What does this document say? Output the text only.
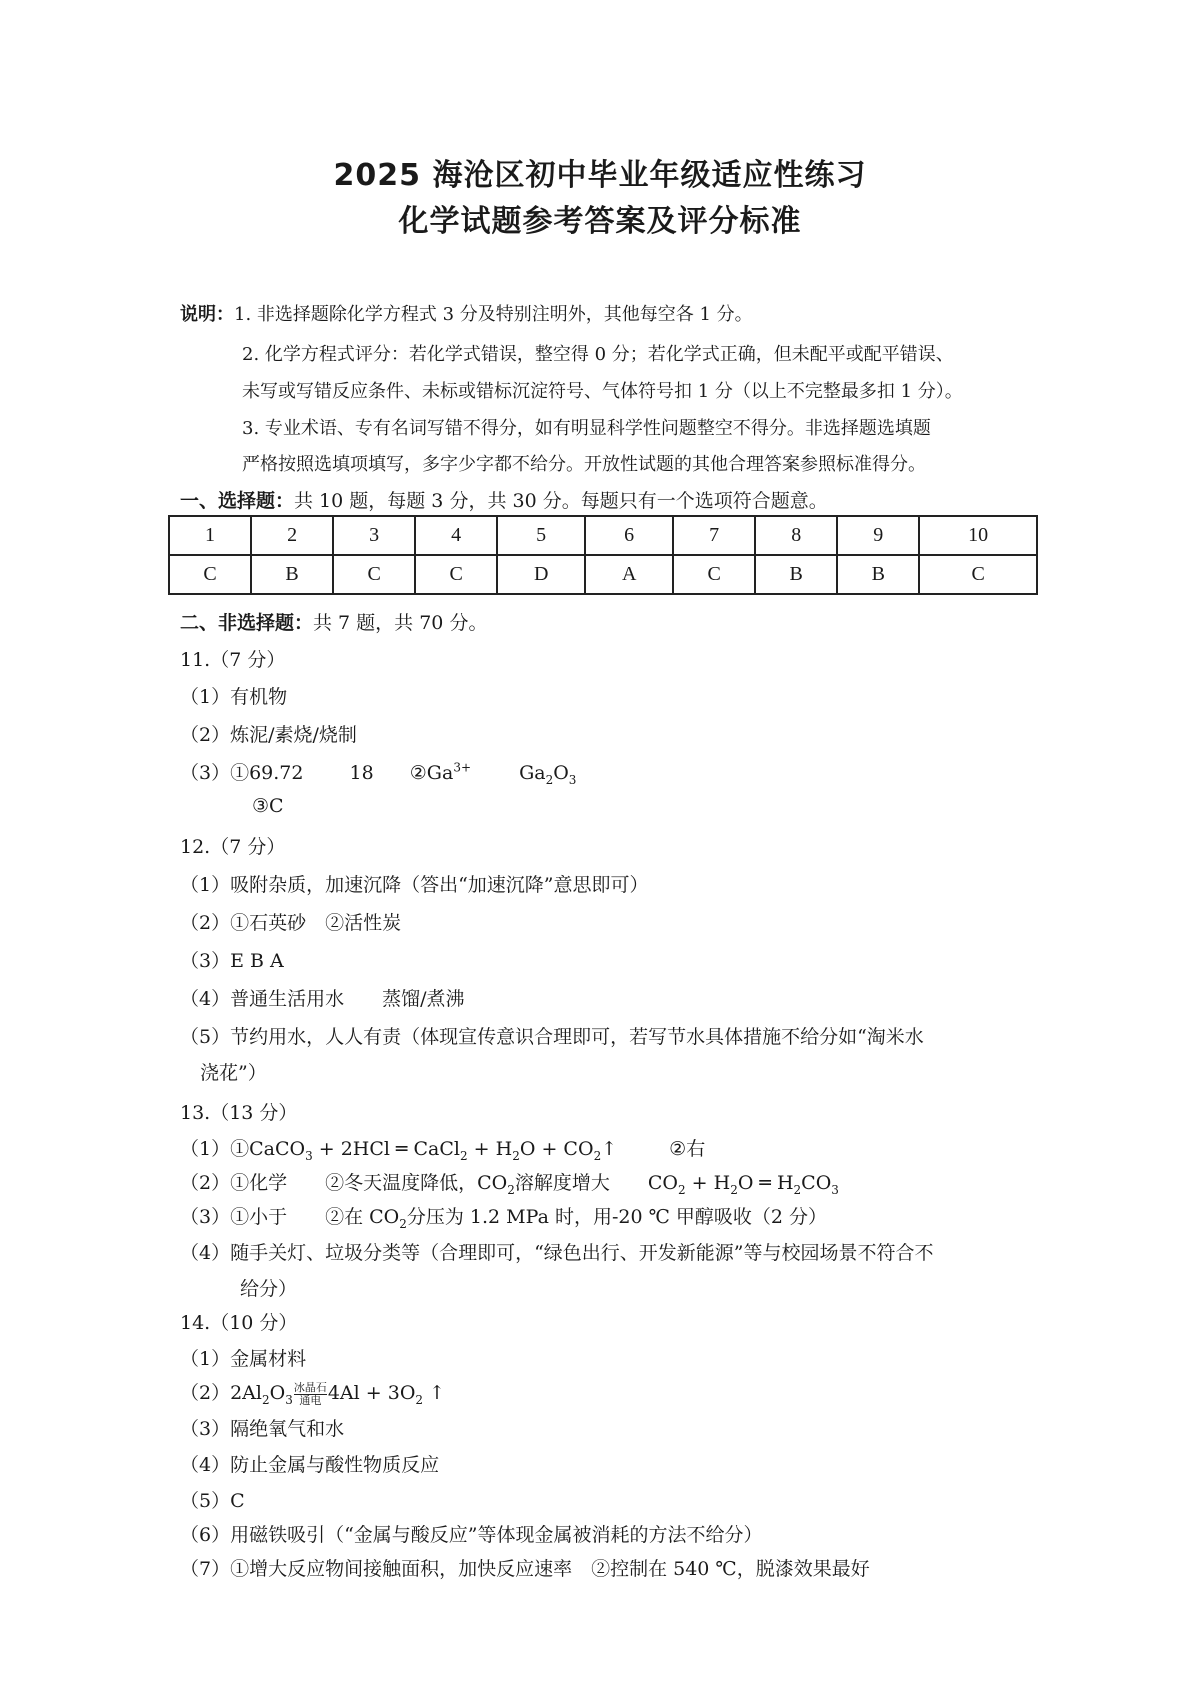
2025 海沧区初中毕业年级适应性练习
化学试题参考答案及评分标准
说明：1. 非选择题除化学方程式 3 分及特别注明外，其他每空各 1 分。
2. 化学方程式评分：若化学式错误，整空得 0 分；若化学式正确，但未配平或配平错误、
未写或写错反应条件、未标或错标沉淀符号、气体符号扣 1 分（以上不完整最多扣 1 分）。
3. 专业术语、专有名词写错不得分，如有明显科学性问题整空不得分。非选择题选填题
严格按照选填项填写，多字少字都不给分。开放性试题的其他合理答案参照标准得分。
一、选择题：共 10 题，每题 3 分，共 30 分。每题只有一个选项符合题意。
1	2	3	4	5	6	7	8	9	10
C	B	C	C	D	A	C	B	B	C
二、非选择题：共 7 题，共 70 分。
11.（7 分）
（1）有机物
（2）炼泥/素烧/烧制
（3）①69.72 18 $②Ga^{3+}$	$Ga_2O_3$
③C
12.（7 分）
（1）吸附杂质，加速沉降（答出“加速沉降”意思即可）
（2）①石英砂　②活性炭
（3）E B A
（4）普通生活用水　　蒸馏/煮沸
（5）节约用水，人人有责（体现宣传意识合理即可，若写节水具体措施不给分如“淘米水
浇花”）
13.（13 分）
（1）①CaCO$_3$ + 2HCl ═ CaCl$_2$ + $H_2O$ + $CO_2↑$	②右
（2）①化学　　②冬天温度降低，$CO_2$溶解度增大　　$CO_2 + H_2O$ ═ $H_2CO_3$
（3）①小于　　②在 $CO_2$分压为 1.2 MPa 时，用-20 ℃ 甲醇吸收（2 分）
（4）随手关灯、垃圾分类等（合理即可，“绿色出行、开发新能源”等与校园场景不符合不
给分）
14.（10 分）
（1）金属材料
$(2)2Al_2O_3 \frac{\text{冰晶石}}{\text{通电}} 4Al + 3O_2$ ↑
（3）隔绝氧气和水
（4）防止金属与酸性物质反应
（5）C
（6）用磁铁吸引（“金属与酸反应”等体现金属被消耗的方法不给分）
（7）①增大反应物间接触面积，加快反应速率　②控制在 540 ℃，脱漆效果最好
